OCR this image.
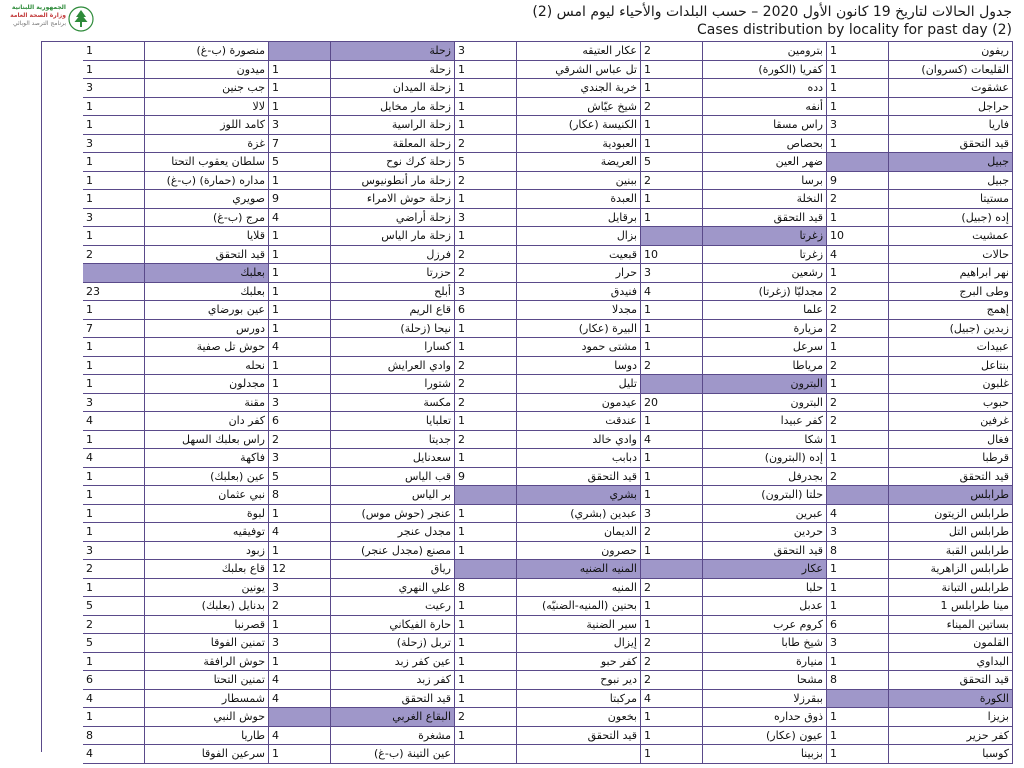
الجمهورية اللبنانية
وزارة الصحة العامة
برنامج الترصد الوبائي
جدول الحالات لتاريخ 19 كانون الأول 2020 – حسب البلدات والأحياء ليوم امس (2)
Cases distribution by locality for past day (2)
ريفون
1
بترومين
2
عكار العتيقه
3
زحلة
منصورة (ب-غ)
1
القليعات (كسروان)
1
كفريا (الكورة)
1
تل عباس الشرقي
1
زحلة
1
ميدون
1
عشقوت
1
دده
1
خربة الجندي
1
زحلة الميدان
1
جب جنين
3
حراجل
1
أنفه
2
شيخ عيّاش
1
زحلة مار مخايل
1
لالا
1
فاريا
3
راس مسقا
1
الكنيسة (عكار)
1
زحلة الراسية
3
كامد اللوز
1
قيد التحقق
1
بحصاص
1
العبودية
2
زحلة المعلقة
7
غزة
3
جبيل
ضهر العين
5
العريضة
5
زحلة كرك نوح
5
سلطان يعقوب التحتا
1
جبيل
9
برسا
2
ببنين
2
زحلة مار أنطونيوس
1
مداره (حمارة) (ب-غ)
1
مستيتا
2
النخلة
1
العبدة
1
زحلة حوش الامراء
9
صويري
1
إده (جبيل)
1
قيد التحقق
1
برقايل
3
زحلة أراضي
4
مرج (ب-غ)
3
عمشيت
10
زغرتا
بزال
1
زحلة مار الياس
1
قلايا
1
حالات
4
زغرتا
10
قبعيت
2
فرزل
1
قيد التحقق
2
نهر ابراهيم
1
رشعين
3
حرار
2
حزرتا
1
بعلبك
وطى البرج
2
مجدليّا (زغرتا)
4
فنيدق
3
أبلح
1
بعلبك
23
إهمج
2
علما
1
مجدلا
6
قاع الريم
1
عين بورضاي
1
زبدين (جبيل)
2
مزيارة
1
البيرة (عكار)
1
نيحا (زحلة)
1
دورس
7
عبيدات
1
سرعل
1
مشتى حمود
1
كسارا
4
حوش تل صفية
1
بنتاعل
2
مرياطا
2
دوسا
2
وادي العرايش
1
نحله
1
غلبون
1
البترون
تليل
2
شتورا
1
مجدلون
1
حبوب
2
البترون
20
عيدمون
2
مكسة
3
مقنة
3
غرفين
2
كفر عبيدا
1
عندقت
1
تعلبايا
6
كفر دان
4
فغال
1
شكا
4
وادي خالد
2
جديتا
2
راس بعلبك السهل
1
قرطبا
1
إده (البترون)
1
دبابب
1
سعدنايل
3
فاكهة
4
قيد التحقق
2
بجدرفل
1
قيد التحقق
9
قب الياس
5
عين (بعلبك)
1
طرابلس
حلتا (البترون)
1
بشري
بر الياس
8
نبي عثمان
1
طرابلس الزيتون
4
عبرين
3
عبدين (بشري)
1
عنجر (حوش موس)
1
لبوة
1
طرابلس التل
3
حردين
2
الديمان
1
مجدل عنجر
4
توفيقيه
1
طرابلس القبة
8
قيد التحقق
1
حصرون
1
مصنع (مجدل عنجر)
1
زبود
3
طرابلس الزاهرية
1
عكار
المنيه الضنيه
رياق
12
قاع بعلبك
2
طرابلس التبانة
1
حلبا
2
المنيه
8
علي النهري
3
يونين
1
مينا طرابلس 1
1
عدبل
1
بحنين (المنيه-الضنيّه)
1
رعيت
2
بدنايل (بعلبك)
5
بساتين الميناء
6
كروم عرب
1
سير الضنية
1
حارة الفيكاني
1
قصرنبا
2
القلمون
3
شيخ طابا
2
إيزال
1
تربل (زحلة)
3
تمنين الفوقا
5
البداوي
1
منيارة
2
كفر حبو
1
عين كفر زبد
1
حوش الرافقة
1
قيد التحقق
8
مشحا
2
دير نبوح
1
كفر زبد
4
تمنين التحتا
6
الكورة
ببقرزلا
4
مركبتا
1
قيد التحقق
4
شمسطار
4
بزيزا
1
ذوق حداره
1
بخعون
2
البقاع الغربي
حوش النبي
1
كفر حزير
1
عيون (عكار)
1
قيد التحقق
1
مشغرة
4
طاريا
8
كوسبا
1
بزبينا
1
عين التينة (ب-غ)
1
سرعين الفوقا
4
